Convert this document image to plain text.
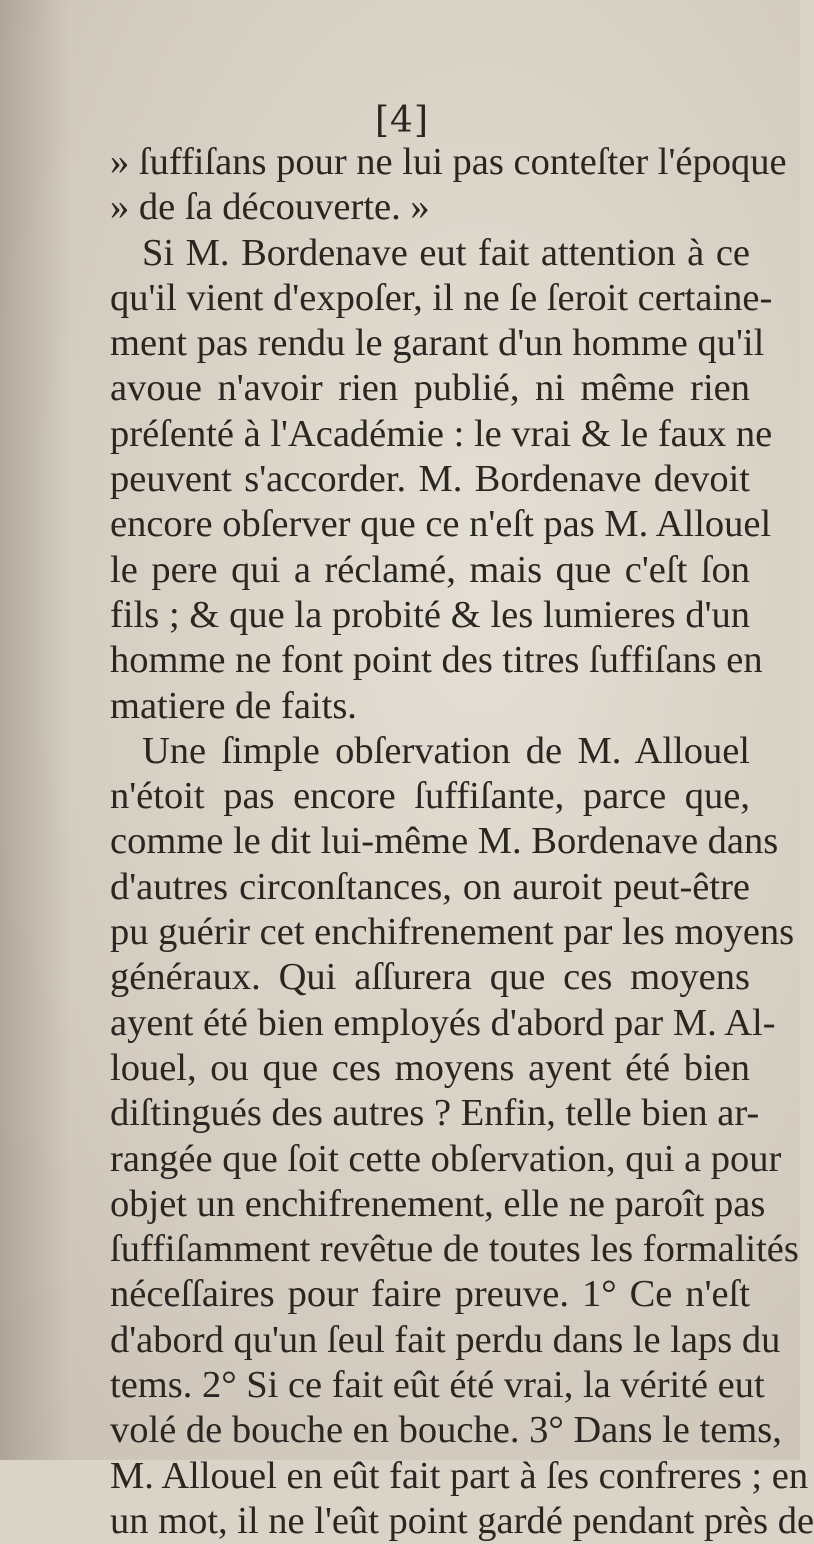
[4]
» ſuffiſans pour ne lui pas conteſter l'époque
» de ſa découverte. »
Si M. Bordenave eut fait attention à ce
qu'il vient d'expoſer, il ne ſe ſeroit certaine-
ment pas rendu le garant d'un homme qu'il
avoue n'avoir rien publié, ni même rien
préſenté à l'Académie : le vrai & le faux ne
peuvent s'accorder. M. Bordenave devoit
encore obſerver que ce n'eſt pas M. Allouel
le pere qui a réclamé, mais que c'eſt ſon
fils ; & que la probité & les lumieres d'un
homme ne font point des titres ſuffiſans en
matiere de faits.
Une ſimple obſervation de M. Allouel
n'étoit pas encore ſuffiſante, parce que,
comme le dit lui-même M. Bordenave dans
d'autres circonſtances, on auroit peut-être
pu guérir cet enchifrenement par les moyens
généraux. Qui aſſurera que ces moyens
ayent été bien employés d'abord par M. Al-
louel, ou que ces moyens ayent été bien
diſtingués des autres ? Enfin, telle bien ar-
rangée que ſoit cette obſervation, qui a pour
objet un enchifrenement, elle ne paroît pas
ſuffiſamment revêtue de toutes les formalités
néceſſaires pour faire preuve. 1° Ce n'eſt
d'abord qu'un ſeul fait perdu dans le laps du
tems. 2° Si ce fait eût été vrai, la vérité eut
volé de bouche en bouche. 3° Dans le tems,
M. Allouel en eût fait part à ſes confreres ; en
un mot, il ne l'eût point gardé pendant près de
